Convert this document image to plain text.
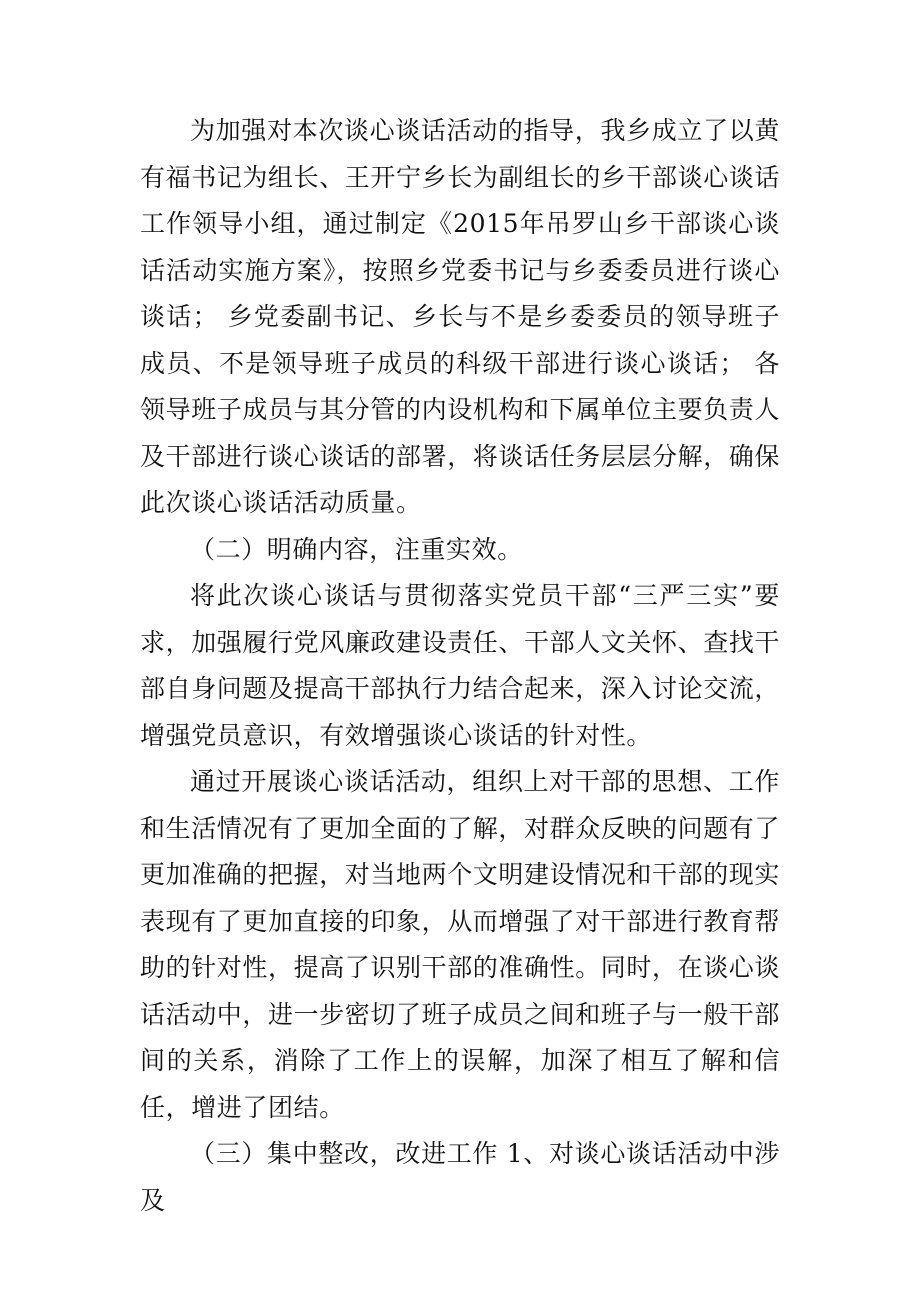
为加强对本次谈心谈话活动的指导，我乡成立了以黄有福书记为组长、王开宁乡长为副组长的乡干部谈心谈话工作领导小组，通过制定《2015年吊罗山乡干部谈心谈话活动实施方案》，按照乡党委书记与乡委委员进行谈心谈话； 乡党委副书记、乡长与不是乡委委员的领导班子成员、不是领导班子成员的科级干部进行谈心谈话； 各领导班子成员与其分管的内设机构和下属单位主要负责人及干部进行谈心谈话的部署，将谈话任务层层分解，确保此次谈心谈话活动质量。

（二）明确内容，注重实效。

将此次谈心谈话与贯彻落实党员干部“三严三实”要求，加强履行党风廉政建设责任、干部人文关怀、查找干部自身问题及提高干部执行力结合起来，深入讨论交流，增强党员意识，有效增强谈心谈话的针对性。

通过开展谈心谈话活动，组织上对干部的思想、工作和生活情况有了更加全面的了解，对群众反映的问题有了更加准确的把握，对当地两个文明建设情况和干部的现实表现有了更加直接的印象，从而增强了对干部进行教育帮助的针对性，提高了识别干部的准确性。同时，在谈心谈话活动中，进一步密切了班子成员之间和班子与一般干部间的关系，消除了工作上的误解，加深了相互了解和信任，增进了团结。

（三）集中整改，改进工作 1、对谈心谈话活动中涉及
